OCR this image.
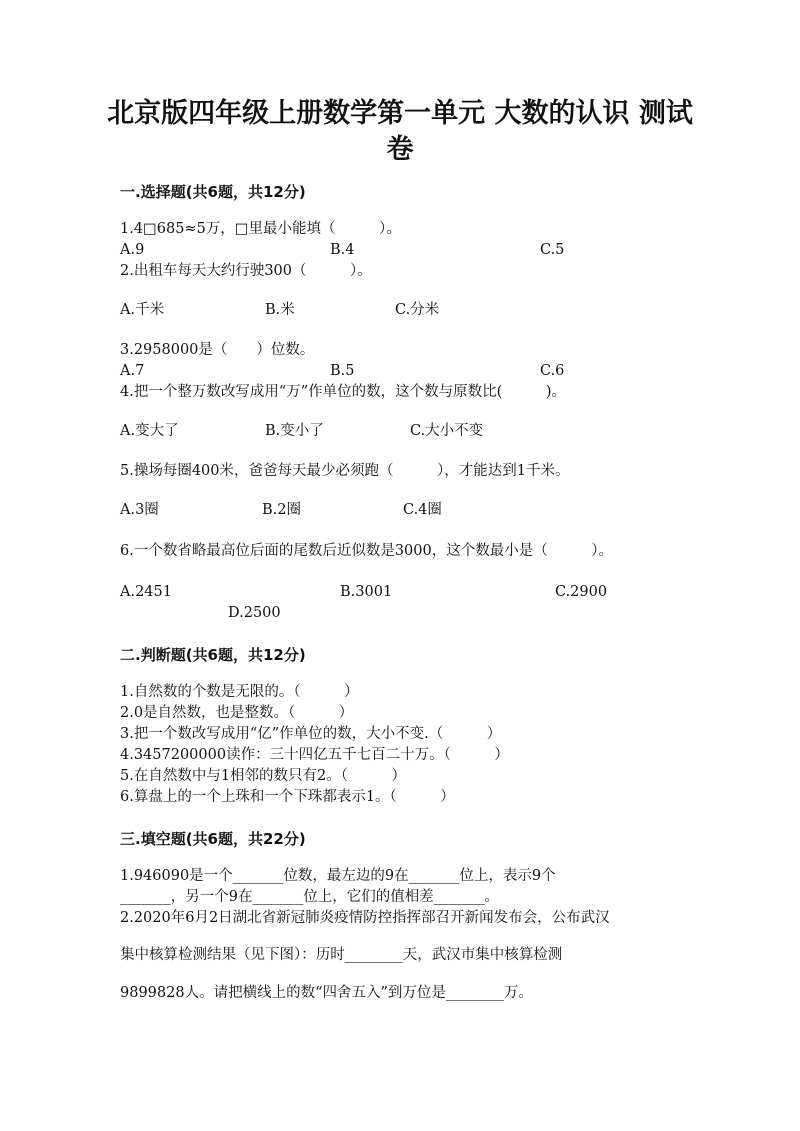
北京版四年级上册数学第一单元 大数的认识 测试
卷
一.选择题(共6题，共12分)
1.4□685≈5万，□里最小能填（　　　）。
A.9	B.4	C.5
2.出租车每天大约行驶300（　　　）。
A.千米	B.米	C.分米
3.2958000是（　　）位数。
A.7	B.5	C.6
4.把一个整万数改写成用“万”作单位的数，这个数与原数比(　　　)。
A.变大了	B.变小了	C.大小不变
5.操场每圈400米，爸爸每天最少必须跑（　　　），才能达到1千米。
A.3圈	B.2圈	C.4圈
6.一个数省略最高位后面的尾数后近似数是3000，这个数最小是（　　　）。
A.2451	B.3001	C.2900
D.2500
二.判断题(共6题，共12分)
1.自然数的个数是无限的。（　　　）
2.0是自然数，也是整数。（　　　）
3.把一个数改写成用“亿”作单位的数，大小不变.（　　　）
4.3457200000读作：三十四亿五千七百二十万。（　　　）
5.在自然数中与1相邻的数只有2。（　　　）
6.算盘上的一个上珠和一个下珠都表示1。（　　　）
三.填空题(共6题，共22分)
1.946090是一个_______位数，最左边的9在_______位上，表示9个
_______，另一个9在_______位上，它们的值相差_______。
2.2020年6月2日湖北省新冠肺炎疫情防控指挥部召开新闻发布会，公布武汉
集中核算检测结果（见下图）：历时________天，武汉市集中核算检测
9899828人。请把横线上的数“四舍五入”到万位是________万。
